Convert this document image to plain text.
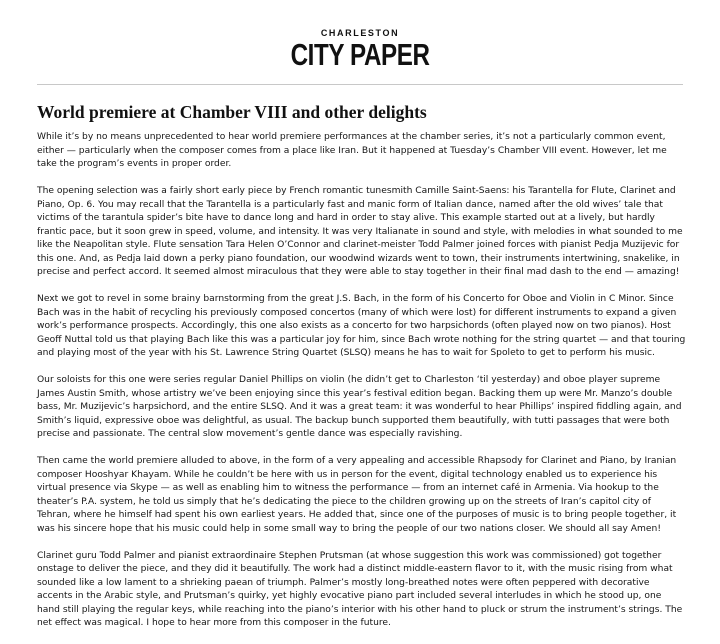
CHARLESTON
CITY PAPER
World premiere at Chamber VIII and other delights

While it’s by no means unprecedented to hear world premiere performances at the chamber series, it’s not a particularly common event, either — particularly when the composer comes from a place like Iran. But it happened at Tuesday’s Chamber VIII event. However, let me take the program’s events in proper order.

The opening selection was a fairly short early piece by French romantic tunesmith Camille Saint-Saens: his Tarantella for Flute, Clarinet and Piano, Op. 6. You may recall that the Tarantella is a particularly fast and manic form of Italian dance, named after the old wives’ tale that victims of the tarantula spider’s bite have to dance long and hard in order to stay alive. This example started out at a lively, but hardly frantic pace, but it soon grew in speed, volume, and intensity. It was very Italianate in sound and style, with melodies in what sounded to me like the Neapolitan style. Flute sensation Tara Helen O’Connor and clarinet-meister Todd Palmer joined forces with pianist Pedja Muzijevic for this one. And, as Pedja laid down a perky piano foundation, our woodwind wizards went to town, their instruments intertwining, snakelike, in precise and perfect accord. It seemed almost miraculous that they were able to stay together in their final mad dash to the end — amazing!

Next we got to revel in some brainy barnstorming from the great J.S. Bach, in the form of his Concerto for Oboe and Violin in C Minor. Since Bach was in the habit of recycling his previously composed concertos (many of which were lost) for different instruments to expand a given work’s performance prospects. Accordingly, this one also exists as a concerto for two harpsichords (often played now on two pianos). Host Geoff Nuttal told us that playing Bach like this was a particular joy for him, since Bach wrote nothing for the string quartet — and that touring and playing most of the year with his St. Lawrence String Quartet (SLSQ) means he has to wait for Spoleto to get to perform his music.

Our soloists for this one were series regular Daniel Phillips on violin (he didn’t get to Charleston ‘til yesterday) and oboe player supreme James Austin Smith, whose artistry we’ve been enjoying since this year’s festival edition began. Backing them up were Mr. Manzo’s double bass, Mr. Muzijevic’s harpsichord, and the entire SLSQ. And it was a great team: it was wonderful to hear Phillips’ inspired fiddling again, and Smith’s liquid, expressive oboe was delightful, as usual. The backup bunch supported them beautifully, with tutti passages that were both precise and passionate. The central slow movement’s gentle dance was especially ravishing.

Then came the world premiere alluded to above, in the form of a very appealing and accessible Rhapsody for Clarinet and Piano, by Iranian composer Hooshyar Khayam. While he couldn’t be here with us in person for the event, digital technology enabled us to experience his virtual presence via Skype — as well as enabling him to witness the performance — from an internet café in Armenia. Via hookup to the theater’s P.A. system, he told us simply that he’s dedicating the piece to the children growing up on the streets of Iran’s capitol city of Tehran, where he himself had spent his own earliest years. He added that, since one of the purposes of music is to bring people together, it was his sincere hope that his music could help in some small way to bring the people of our two nations closer. We should all say Amen!

Clarinet guru Todd Palmer and pianist extraordinaire Stephen Prutsman (at whose suggestion this work was commissioned) got together onstage to deliver the piece, and they did it beautifully. The work had a distinct middle-eastern flavor to it, with the music rising from what sounded like a low lament to a shrieking paean of triumph. Palmer’s mostly long-breathed notes were often peppered with decorative accents in the Arabic style, and Prutsman’s quirky, yet highly evocative piano part included several interludes in which he stood up, one hand still playing the regular keys, while reaching into the piano’s interior with his other hand to pluck or strum the instrument’s strings. The net effect was magical. I hope to hear more from this composer in the future.
